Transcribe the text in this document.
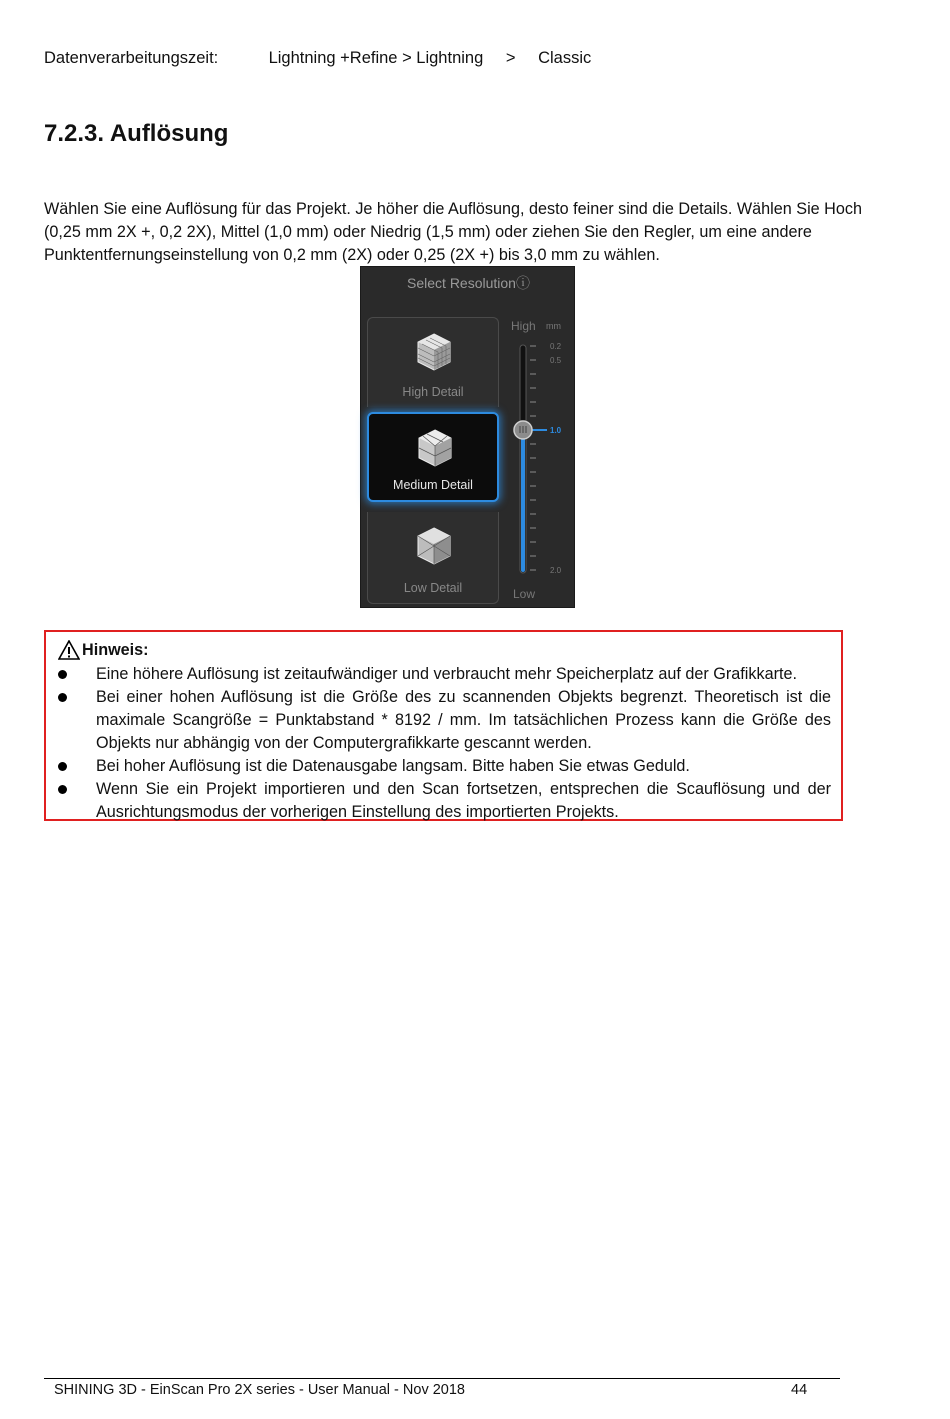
Datenverarbeitungszeit:	Lightning +Refine > Lightning > Classic
7.2.3. Auflösung
Wählen Sie eine Auflösung für das Projekt. Je höher die Auflösung, desto feiner sind die Details. Wählen Sie Hoch (0,25 mm 2X +, 0,2 2X), Mittel (1,0 mm) oder Niedrig (1,5 mm) oder ziehen Sie den Regler, um eine andere Punktentfernungseinstellung von 0,2 mm (2X) oder 0,25 (2X +) bis 3,0 mm zu wählen.
Select Resolutionⓘ
High Detail
Medium Detail
Low Detail
High mm
0.2
0.5
1.0
2.0
Low
Hinweis:
Eine höhere Auflösung ist zeitaufwändiger und verbraucht mehr Speicherplatz auf der Grafikkarte.
Bei einer hohen Auflösung ist die Größe des zu scannenden Objekts begrenzt. Theoretisch ist die maximale Scangröße = Punktabstand * 8192 / mm. Im tatsächlichen Prozess kann die Größe des Objekts nur abhängig von der Computergrafikkarte gescannt werden.
Bei hoher Auflösung ist die Datenausgabe langsam. Bitte haben Sie etwas Geduld.
Wenn Sie ein Projekt importieren und den Scan fortsetzen, entsprechen die Scauflösung und der Ausrichtungsmodus der vorherigen Einstellung des importierten Projekts.
SHINING 3D - EinScan Pro 2X series - User Manual - Nov 2018	44
